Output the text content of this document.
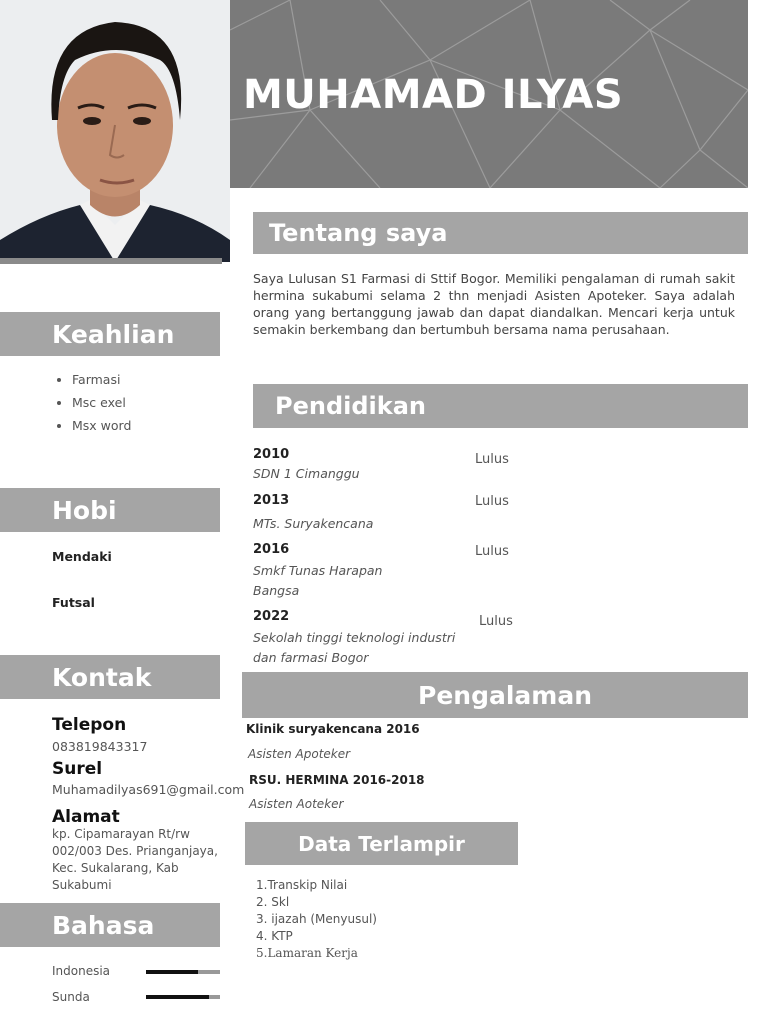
MUHAMAD ILYAS
Tentang saya
Saya Lulusan S1 Farmasi di Sttif Bogor. Memiliki pengalaman di rumah sakit hermina sukabumi selama 2 thn menjadi Asisten Apoteker. Saya adalah orang yang bertanggung jawab dan dapat diandalkan. Mencari kerja untuk semakin berkembang dan bertumbuh bersama nama perusahaan.
Keahlian
• Farmasi
• Msc exel
• Msx word
Hobi
Mendaki
Futsal
Kontak
Telepon
083819843317
Surel
Muhamadilyas691@gmail.com
Alamat
kp. Cipamarayan Rt/rw
002/003 Des. Prianganjaya,
Kec. Sukalarang, Kab
Sukabumi
Bahasa
Indonesia
Sunda
Pendidikan
2010
SDN 1 Cimanggu
Lulus
2013
MTs. Suryakencana
Lulus
2016
Smkf Tunas Harapan
Bangsa
Lulus
2022
Sekolah tinggi teknologi industri
dan farmasi Bogor
Lulus
Pengalaman
Klinik suryakencana 2016
Asisten Apoteker
RSU. HERMINA 2016-2018
Asisten Aoteker
Data Terlampir
1.Transkip Nilai
2. Skl
3. ijazah (Menyusul)
4. KTP
5.Lamaran Kerja
